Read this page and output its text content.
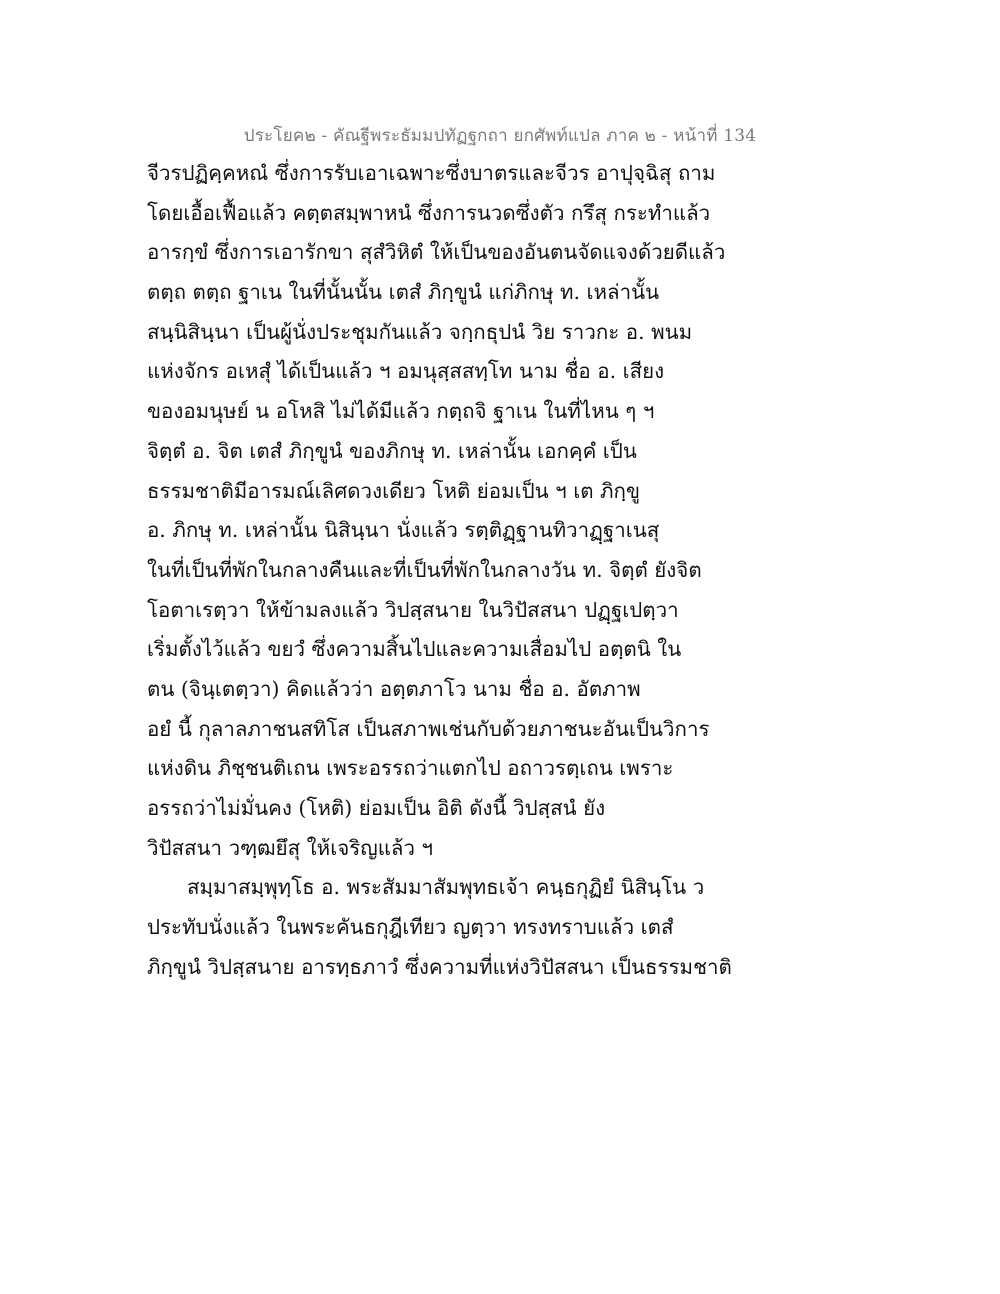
ประโยค๒ - คัณฐีพระธัมมปทัฏฐกถา ยกศัพท์แปล ภาค ๒ - หน้าที่ 134
จีวรปฏิคฺคหณํ ซึ่งการรับเอาเฉพาะซึ่งบาตรและจีวร อาปุจฺฉิสุ ถาม
โดยเอื้อเฟื้อแล้ว คตฺตสมฺพาหนํ ซึ่งการนวดซึ่งตัว กรึสุ กระทำแล้ว
อารกฺขํ ซึ่งการเอารักขา สุสํวิหิตํ ให้เป็นของอันตนจัดแจงด้วยดีแล้ว
ตตฺถ ตตฺถ ฐาเน ในที่นั้นนั้น เตสํ ภิกฺขูนํ แก่ภิกษุ ท. เหล่านั้น
สนฺนิสินฺนา เป็นผู้นั่งประชุมกันแล้ว จกฺกธุปนํ วิย ราวกะ อ. พนม
แห่งจักร อเหสุํ ได้เป็นแล้ว ฯ อมนุสฺสสทฺโท นาม ชื่อ อ. เสียง
ของอมนุษย์ น อโหสิ ไม่ได้มีแล้ว กตฺถจิ ฐาเน ในที่ไหน ๆ ฯ
จิตฺตํ อ. จิต เตสํ ภิกฺขูนํ ของภิกษุ ท. เหล่านั้น เอกคฺคํ เป็น
ธรรมชาติมีอารมณ์เลิศดวงเดียว โหติ ย่อมเป็น ฯ เต ภิกฺขู
อ. ภิกษุ ท. เหล่านั้น นิสินฺนา นั่งแล้ว รตฺติฏฺฐานทิวาฏฺฐาเนสุ
ในที่เป็นที่พักในกลางคืนและที่เป็นที่พักในกลางวัน ท. จิตฺตํ ยังจิต
โอตาเรตฺวา ให้ข้ามลงแล้ว วิปสฺสนาย ในวิปัสสนา ปฏฺฐเปตฺวา
เริ่มตั้งไว้แล้ว ขยวํ ซึ่งความสิ้นไปและความเสื่อมไป อตฺตนิ ใน
ตน (จินฺเตตฺวา) คิดแล้วว่า อตฺตภาโว นาม ชื่อ อ. อัตภาพ
อยํ นี้ กุลาลภาชนสทิโส เป็นสภาพเช่นกับด้วยภาชนะอันเป็นวิการ
แห่งดิน ภิชฺชนติเถน เพระอรรถว่าแตกไป อถาวรตฺเถน เพราะ
อรรถว่าไม่มั่นคง (โหติ) ย่อมเป็น อิติ ดังนี้ วิปสฺสนํ ยัง
วิปัสสนา วฑฺฒยึสุ ให้เจริญแล้ว ฯ
สมฺมาสมฺพุทฺโธ อ. พระสัมมาสัมพุทธเจ้า คนฺธกุฏิยํ นิสินฺโน ว
ประทับนั่งแล้ว ในพระคันธกุฎีเทียว ญตฺวา ทรงทราบแล้ว เตสํ
ภิกฺขูนํ วิปสฺสนาย อารทฺธภาวํ ซึ่งความที่แห่งวิปัสสนา เป็นธรรมชาติ
